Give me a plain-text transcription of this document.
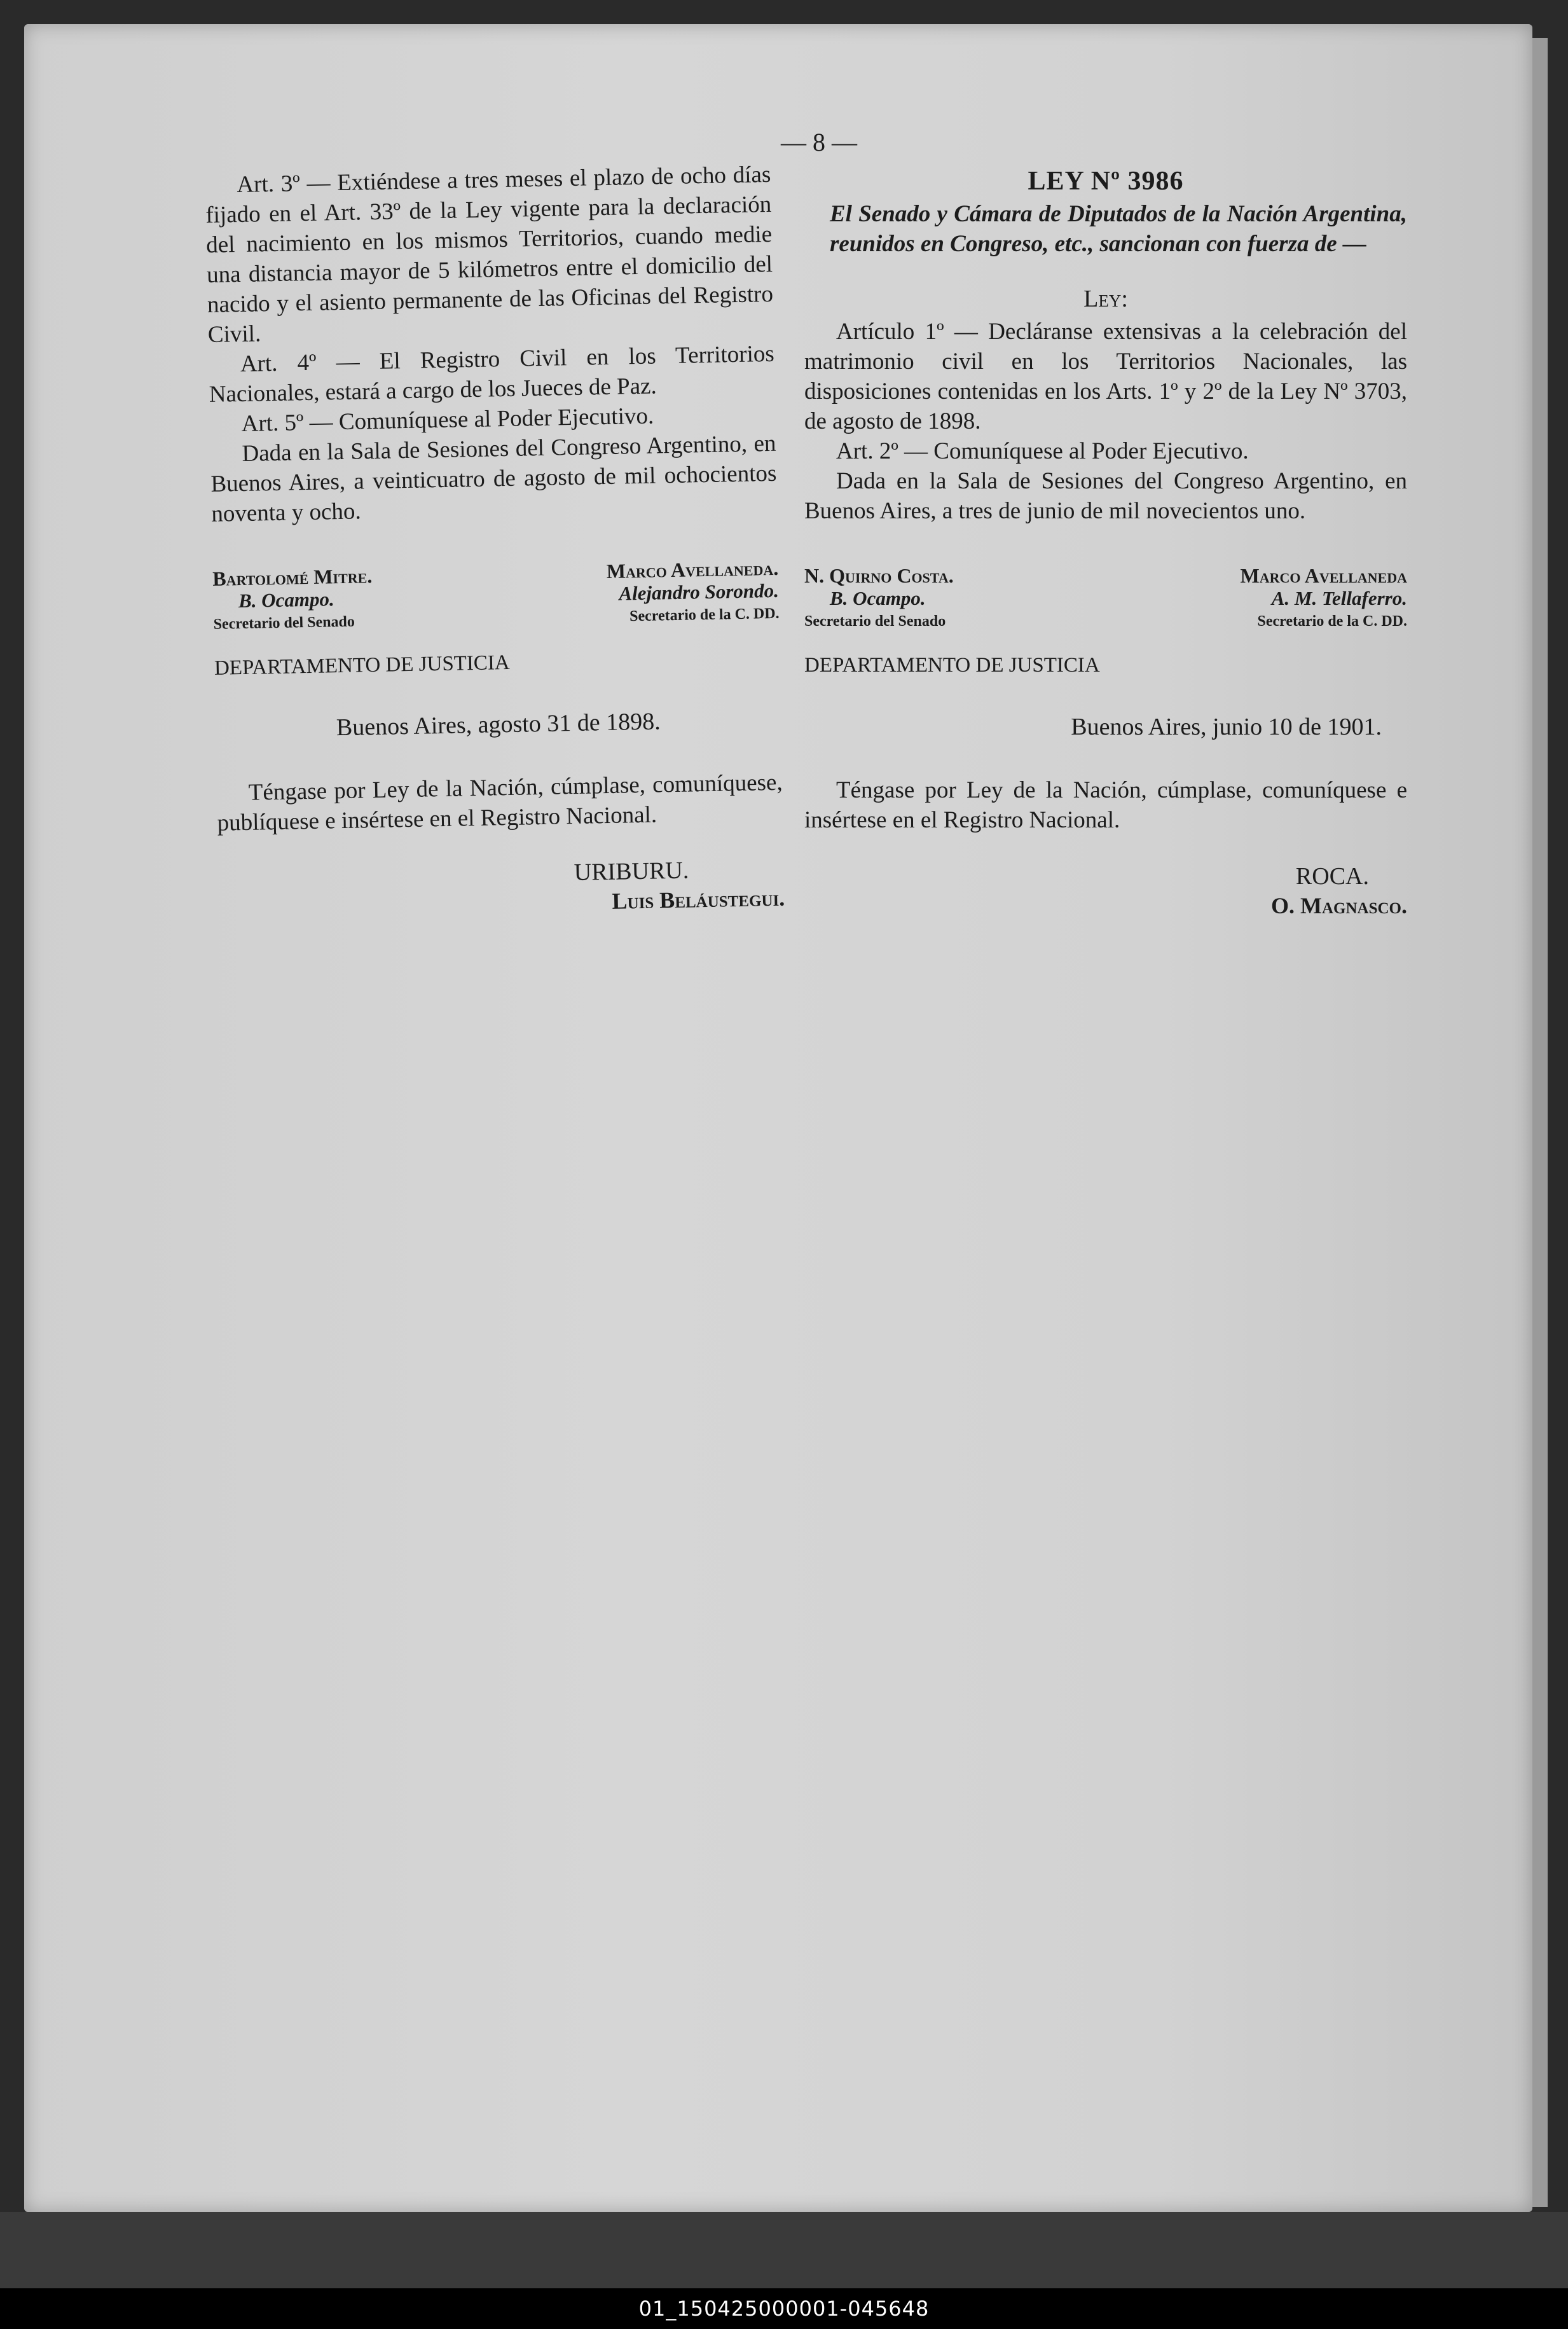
— 8 —

Art. 3º — Extiéndese a tres meses el plazo de ocho días fijado en el Art. 33º de la Ley vigente para la declaración del nacimiento en los mismos Territorios, cuando medie una distancia mayor de 5 kilómetros entre el domicilio del nacido y el asiento permanente de las Oficinas del Registro Civil.

Art. 4º — El Registro Civil en los Territorios Nacionales, estará a cargo de los Jueces de Paz.

Art. 5º — Comuníquese al Poder Ejecutivo.

Dada en la Sala de Sesiones del Congreso Argentino, en Buenos Aires, a veinticuatro de agosto de mil ochocientos noventa y ocho.

Bartolomé Mitre.
B. Ocampo.
Secretario del Senado
Marco Avellaneda.
Alejandro Sorondo.
Secretario de la C. DD.
DEPARTAMENTO DE JUSTICIA
Buenos Aires, agosto 31 de 1898.

Téngase por Ley de la Nación, cúmplase, comuníquese, publíquese e insértese en el Registro Nacional.

URIBURU.
Luis Beláustegui.
LEY Nº 3986

El Senado y Cámara de Diputados de la Nación Argentina, reunidos en Congreso, etc., sancionan con fuerza de —

Ley:

Artículo 1º — Decláranse extensivas a la celebración del matrimonio civil en los Territorios Nacionales, las disposiciones contenidas en los Arts. 1º y 2º de la Ley Nº 3703, de agosto de 1898.

Art. 2º — Comuníquese al Poder Ejecutivo.

Dada en la Sala de Sesiones del Congreso Argentino, en Buenos Aires, a tres de junio de mil novecientos uno.

N. Quirno Costa.
B. Ocampo.
Secretario del Senado
Marco Avellaneda
A. M. Tellaferro.
Secretario de la C. DD.
DEPARTAMENTO DE JUSTICIA
Buenos Aires, junio 10 de 1901.

Téngase por Ley de la Nación, cúmplase, comuníquese e insértese en el Registro Nacional.

ROCA.
O. Magnasco.
01_150425000001-045648
